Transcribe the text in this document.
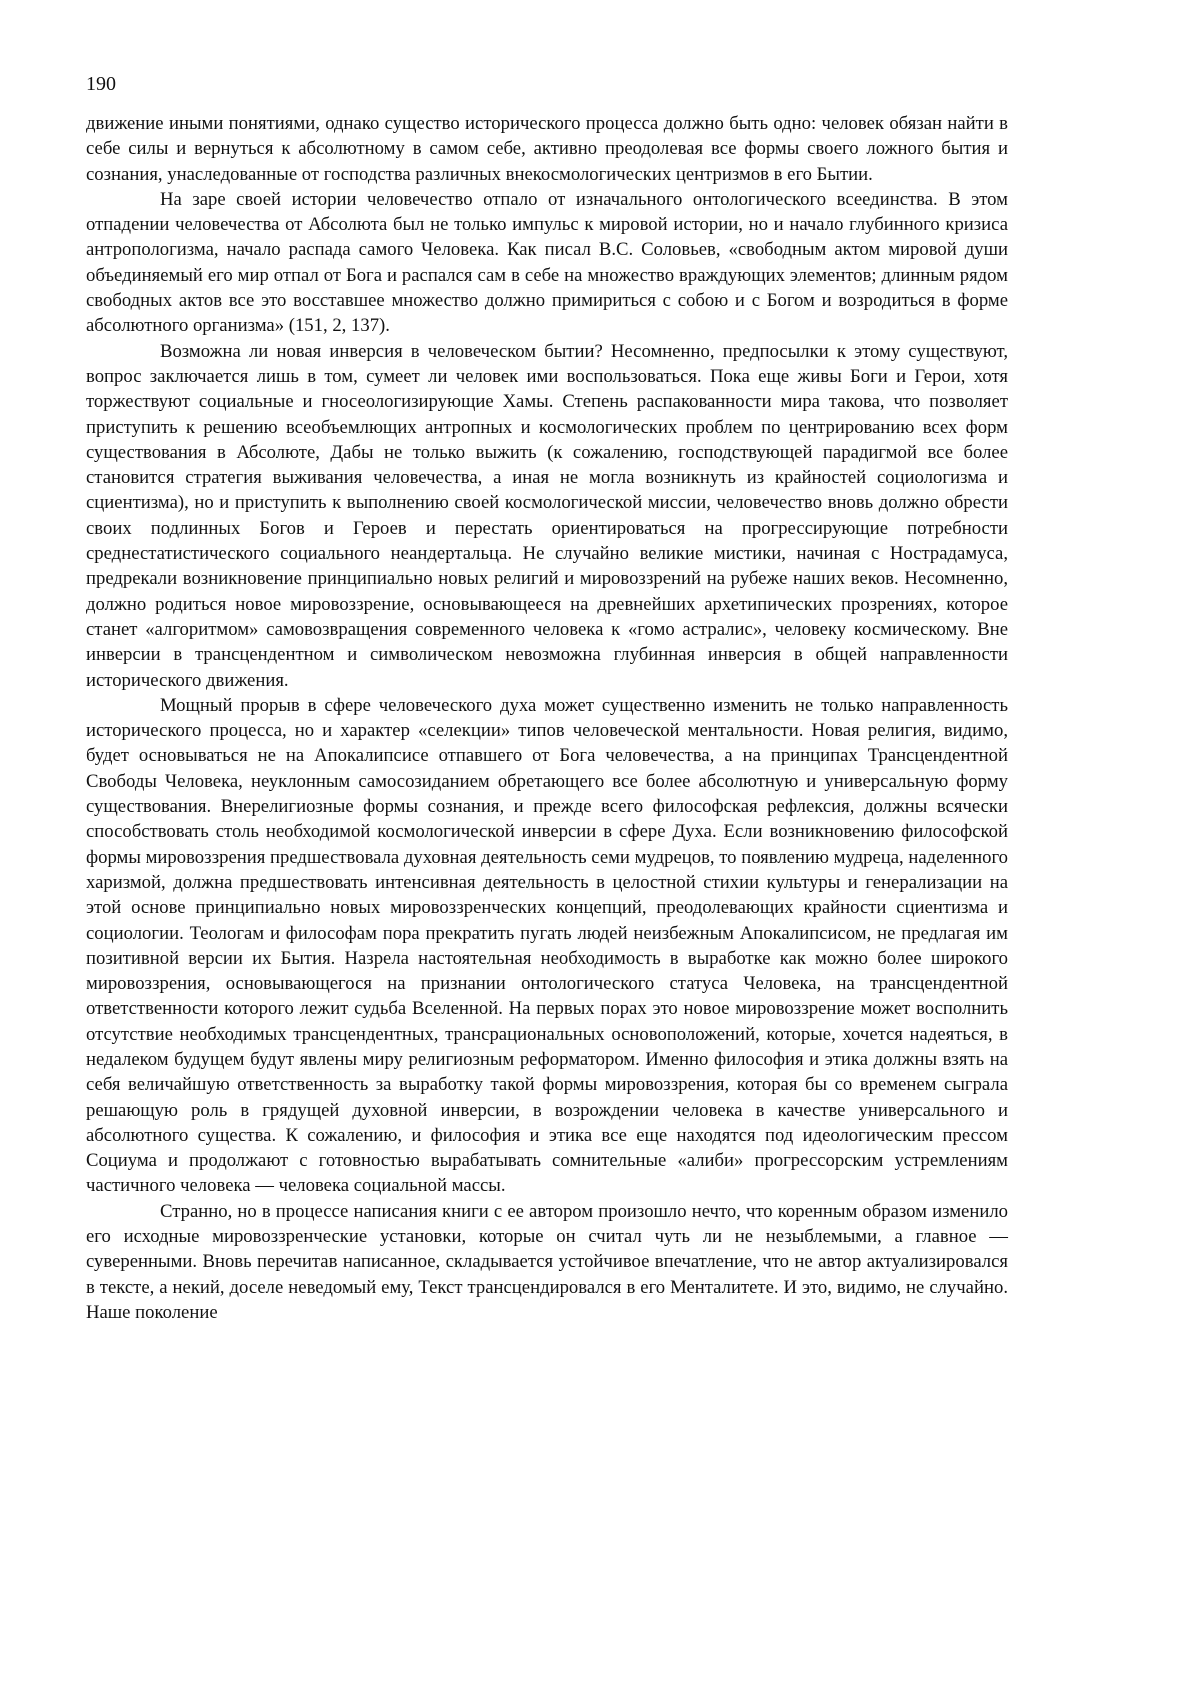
190

движение иными понятиями, однако существо исторического процесса должно быть одно: человек обязан найти в себе силы и вернуться к абсолютному в самом себе, активно преодолевая все формы своего ложного бытия и сознания, унаследованные от господства различных внекосмологических центризмов в его Бытии.

На заре своей истории человечество отпало от изначального онтологического всеединства. В этом отпадении человечества от Абсолюта был не только импульс к мировой истории, но и начало глубинного кризиса антропологизма, начало распада самого Человека. Как писал В.С. Соловьев, «свободным актом мировой души объединяемый его мир отпал от Бога и распался сам в себе на множество враждующих элементов; длинным рядом свободных актов все это восставшее множество должно примириться с собою и с Богом и возродиться в форме абсолютного организма» (151, 2, 137).

Возможна ли новая инверсия в человеческом бытии? Несомненно, предпосылки к этому существуют, вопрос заключается лишь в том, сумеет ли человек ими воспользоваться. Пока еще живы Боги и Герои, хотя торжествуют социальные и гносеологизирующие Хамы. Степень распакованности мира такова, что позволяет приступить к решению всеобъемлющих антропных и космологических проблем по центрированию всех форм существования в Абсолюте, Дабы не только выжить (к сожалению, господствующей парадигмой все более становится стратегия выживания человечества, а иная не могла возникнуть из крайностей социологизма и сциентизма), но и приступить к выполнению своей космологической миссии, человечество вновь должно обрести своих подлинных Богов и Героев и перестать ориентироваться на прогрессирующие потребности среднестатистического социального неандертальца. Не случайно великие мистики, начиная с Нострадамуса, предрекали возникновение принципиально новых религий и мировоззрений на рубеже наших веков. Несомненно, должно родиться новое мировоззрение, основывающееся на древнейших архетипических прозрениях, которое станет «алгоритмом» самовозвращения современного человека к «гомо астралис», человеку космическому. Вне инверсии в трансцендентном и символическом невозможна глубинная инверсия в общей направленности исторического движения.

Мощный прорыв в сфере человеческого духа может существенно изменить не только направленность исторического процесса, но и характер «селекции» типов человеческой ментальности. Новая религия, видимо, будет основываться не на Апокалипсисе отпавшего от Бога человечества, а на принципах Трансцендентной Свободы Человека, неуклонным самосозиданием обретающего все более абсолютную и универсальную форму существования. Внерелигиозные формы сознания, и прежде всего философская рефлексия, должны всячески способствовать столь необходимой космологической инверсии в сфере Духа. Если возникновению философской формы мировоззрения предшествовала духовная деятельность семи мудрецов, то появлению мудреца, наделенного харизмой, должна предшествовать интенсивная деятельность в целостной стихии культуры и генерализации на этой основе принципиально новых мировоззренческих концепций, преодолевающих крайности сциентизма и социологии. Теологам и философам пора прекратить пугать людей неизбежным Апокалипсисом, не предлагая им позитивной версии их Бытия. Назрела настоятельная необходимость в выработке как можно более широкого мировоззрения, основывающегося на признании онтологического статуса Человека, на трансцендентной ответственности которого лежит судьба Вселенной. На первых порах это новое мировоззрение может восполнить отсутствие необходимых трансцендентных, трансрациональных основоположений, которые, хочется надеяться, в недалеком будущем будут явлены миру религиозным реформатором. Именно философия и этика должны взять на себя величайшую ответственность за выработку такой формы мировоззрения, которая бы со временем сыграла решающую роль в грядущей духовной инверсии, в возрождении человека в качестве универсального и абсолютного существа. К сожалению, и философия и этика все еще находятся под идеологическим прессом Социума и продолжают с готовностью вырабатывать сомнительные «алиби» прогрессорским устремлениям частичного человека — человека социальной массы.

Странно, но в процессе написания книги с ее автором произошло нечто, что коренным образом изменило его исходные мировоззренческие установки, которые он считал чуть ли не незыблемыми, а главное — суверенными. Вновь перечитав написанное, складывается устойчивое впечатление, что не автор актуализировался в тексте, а некий, доселе неведомый ему, Текст трансцендировался в его Менталитете. И это, видимо, не случайно. Наше поколение
